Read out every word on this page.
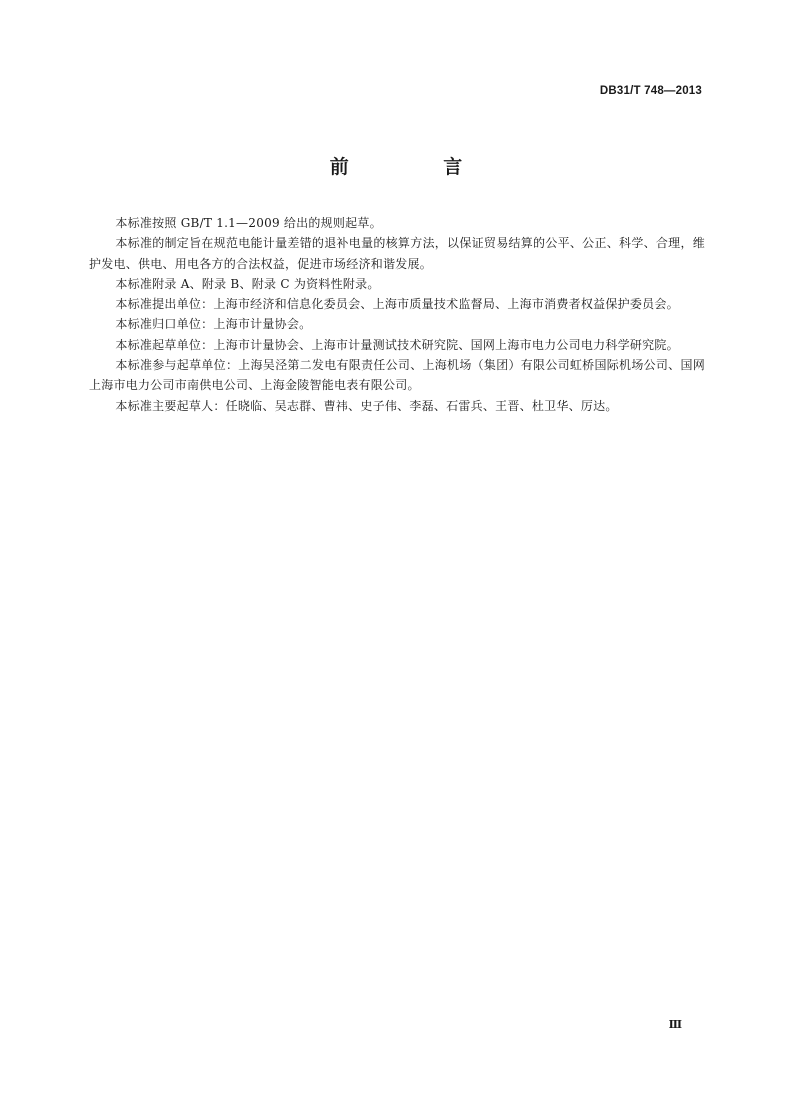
DB31/T 748—2013
前 言

本标准按照 GB/T 1.1—2009 给出的规则起草。

本标准的制定旨在规范电能计量差错的退补电量的核算方法，以保证贸易结算的公平、公正、科学、合理，维护发电、供电、用电各方的合法权益，促进市场经济和谐发展。

本标准附录 A、附录 B、附录 C 为资料性附录。

本标准提出单位：上海市经济和信息化委员会、上海市质量技术监督局、上海市消费者权益保护委员会。

本标准归口单位：上海市计量协会。

本标准起草单位：上海市计量协会、上海市计量测试技术研究院、国网上海市电力公司电力科学研究院。

本标准参与起草单位：上海吴泾第二发电有限责任公司、上海机场（集团）有限公司虹桥国际机场公司、国网上海市电力公司市南供电公司、上海金陵智能电表有限公司。

本标准主要起草人：任晓临、吴志群、曹祎、史子伟、李磊、石雷兵、王晋、杜卫华、厉达。

Ⅲ
